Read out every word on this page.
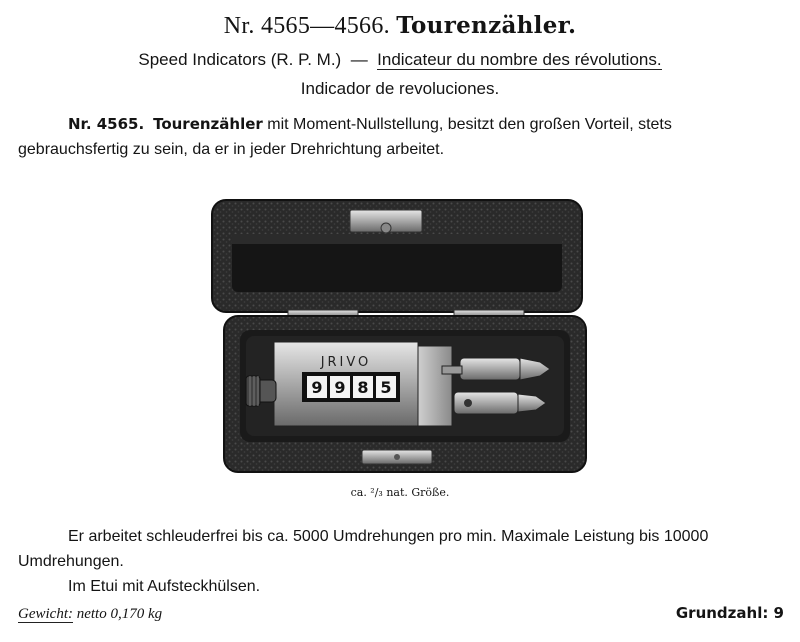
Nr. 4565—4566. Tourenzähler.
Speed Indicators (R. P. M.) — Indicateur du nombre des révolutions.
Indicador de revoluciones.
Nr. 4565. Tourenzähler mit Moment-Nullstellung, besitzt den großen Vorteil, stets gebrauchsfertig zu sein, da er in jeder Drehrichtung arbeitet.
JRIVO
9 9 8 5
ca. ²/₃ nat. Größe.
Er arbeitet schleuderfrei bis ca. 5000 Umdrehungen pro min. Maximale Leistung bis 10000 Umdrehungen.
Im Etui mit Aufsteckhülsen.
Gewicht: netto 0,170 kg	Grundzahl: 9
